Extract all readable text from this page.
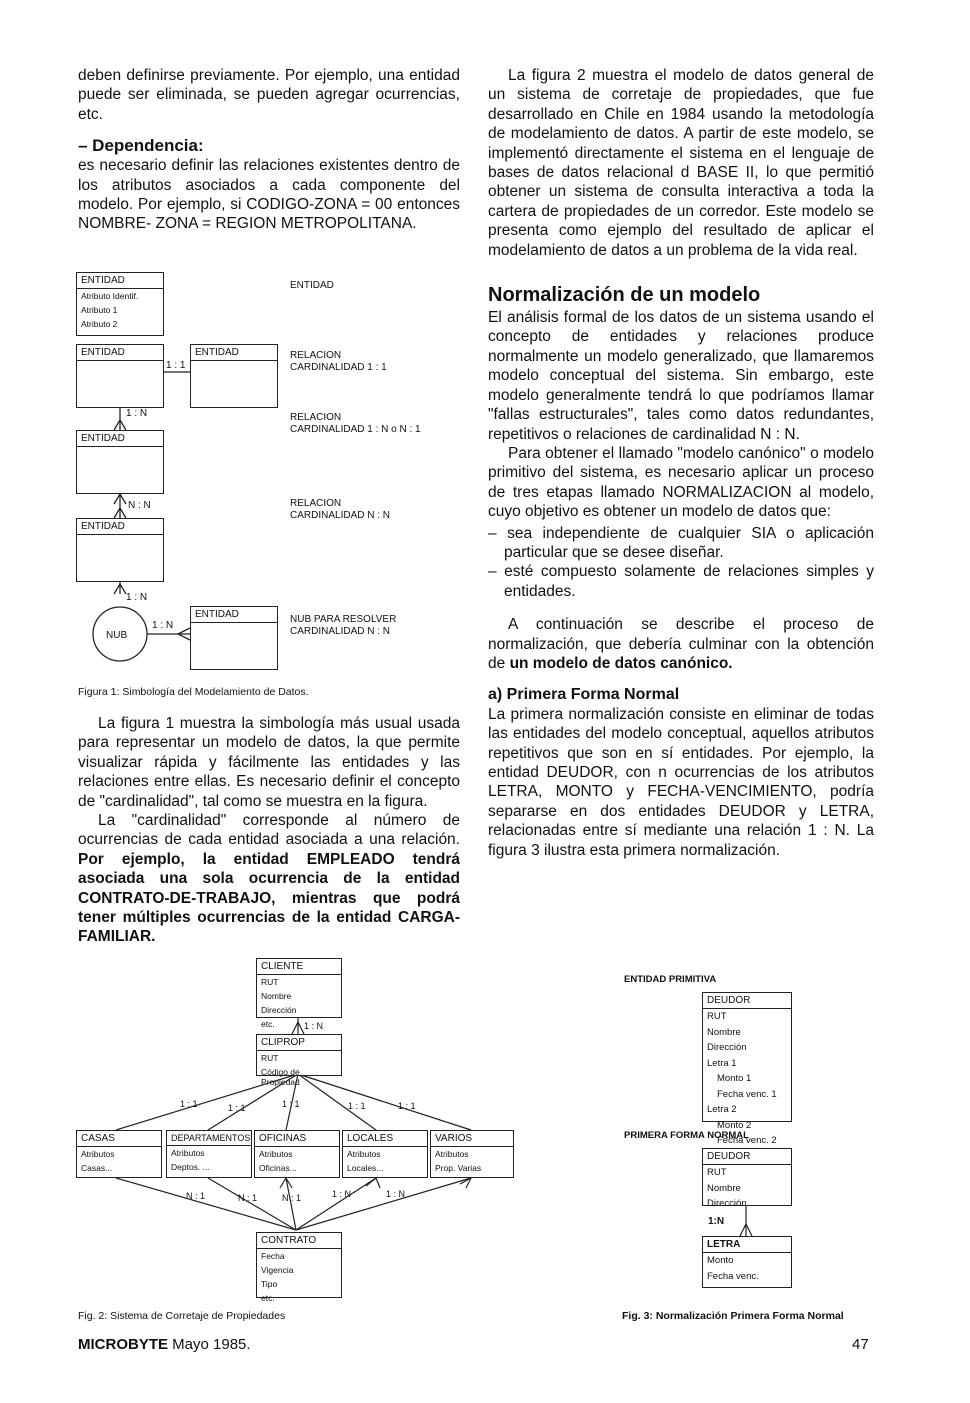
deben definirse previamente. Por ejemplo, una entidad puede ser eliminada, se pueden agregar ocurrencias, etc.

– Dependencia:

es necesario definir las relaciones existentes dentro de los atributos asociados a cada componente del modelo. Por ejemplo, si CODIGO-ZONA = 00 entonces NOMBRE- ZONA = REGION METROPOLITANA.

ENTIDAD
Atributo Identif.
Atributo 1
Atributo 2
ENTIDAD	ENTIDAD
1 : 1
1 : N
ENTIDAD
N : N
ENTIDAD
1 : N
NUB
1 : N
ENTIDAD
ENTIDAD
RELACION
CARDINALIDAD 1 : 1
RELACION
CARDINALIDAD 1 : N o N : 1
RELACION
CARDINALIDAD N : N
NUB PARA RESOLVER
CARDINALIDAD N : N
Figura 1: Simbología del Modelamiento de Datos.

La figura 1 muestra la simbología más usual usada para representar un modelo de datos, la que permite visualizar rápida y fácilmente las entidades y las relaciones entre ellas. Es necesario definir el concepto de "cardinalidad", tal como se muestra en la figura.

La "cardinalidad" corresponde al número de ocurrencias de cada entidad asociada a una relación. Por ejemplo, la entidad EMPLEADO tendrá asociada una sola ocurrencia de la entidad CONTRATO-DE-TRABAJO, mientras que podrá tener múltiples ocurrencias de la entidad CARGA-FAMILIAR.

La figura 2 muestra el modelo de datos general de un sistema de corretaje de propiedades, que fue desarrollado en Chile en 1984 usando la metodología de modelamiento de datos. A partir de este modelo, se implementó directamente el sistema en el lenguaje de bases de datos relacional d BASE II, lo que permitió obtener un sistema de consulta interactiva a toda la cartera de propiedades de un corredor. Este modelo se presenta como ejemplo del resultado de aplicar el modelamiento de datos a un problema de la vida real.

Normalización de un modelo

El análisis formal de los datos de un sistema usando el concepto de entidades y relaciones produce normalmente un modelo generalizado, que llamaremos modelo conceptual del sistema. Sin embargo, este modelo generalmente tendrá lo que podríamos llamar "fallas estructurales", tales como datos redundantes, repetitivos o relaciones de cardinalidad N : N.

Para obtener el llamado "modelo canónico" o modelo primitivo del sistema, es necesario aplicar un proceso de tres etapas llamado NORMALIZACION al modelo, cuyo objetivo es obtener un modelo de datos que:

– sea independiente de cualquier SIA o aplicación particular que se desee diseñar.
– esté compuesto solamente de relaciones simples y entidades.

A continuación se describe el proceso de normalización, que debería culminar con la obtención de un modelo de datos canónico.

a) Primera Forma Normal

La primera normalización consiste en eliminar de todas las entidades del modelo conceptual, aquellos atributos repetitivos que son en sí entidades. Por ejemplo, la entidad DEUDOR, con n ocurrencias de los atributos LETRA, MONTO y FECHA-VENCIMIENTO, podría separarse en dos entidades DEUDOR y LETRA, relacionadas entre sí mediante una relación 1 : N. La figura 3 ilustra esta primera normalización.

CLIENTE
RUT
Nombre
Dirección
etc.	1 : N
CLIPROP
RUT
Código de Propiedad
1 : 1	1 : 1	1 : 1	1 : 1	1 : 1
CASAS
Atributos
Casas...
DEPARTAMENTOS
Atributos
Deptos. ...
OFICINAS
Atributos
Oficinas...
LOCALES
Atributos
Locales...
VARIOS
Atributos
Prop. Varias
N : 1	N : 1	N : 1	1 : N	1 : N
CONTRATO
Fecha
Vigencia
Tipo
etc.
Fig. 2: Sistema de Corretaje de Propiedades
ENTIDAD PRIMITIVA
DEUDOR
RUT
Nombre
Dirección
Letra 1
Monto 1
Fecha venc. 1
Letra 2
Monto 2
Fecha venc. 2
PRIMERA FORMA NORMAL
DEUDOR
RUT
Nombre
Dirección
1:N
LETRA
Monto
Fecha venc.
Fig. 3: Normalización Primera Forma Normal
MICROBYTE Mayo 1985.	47
